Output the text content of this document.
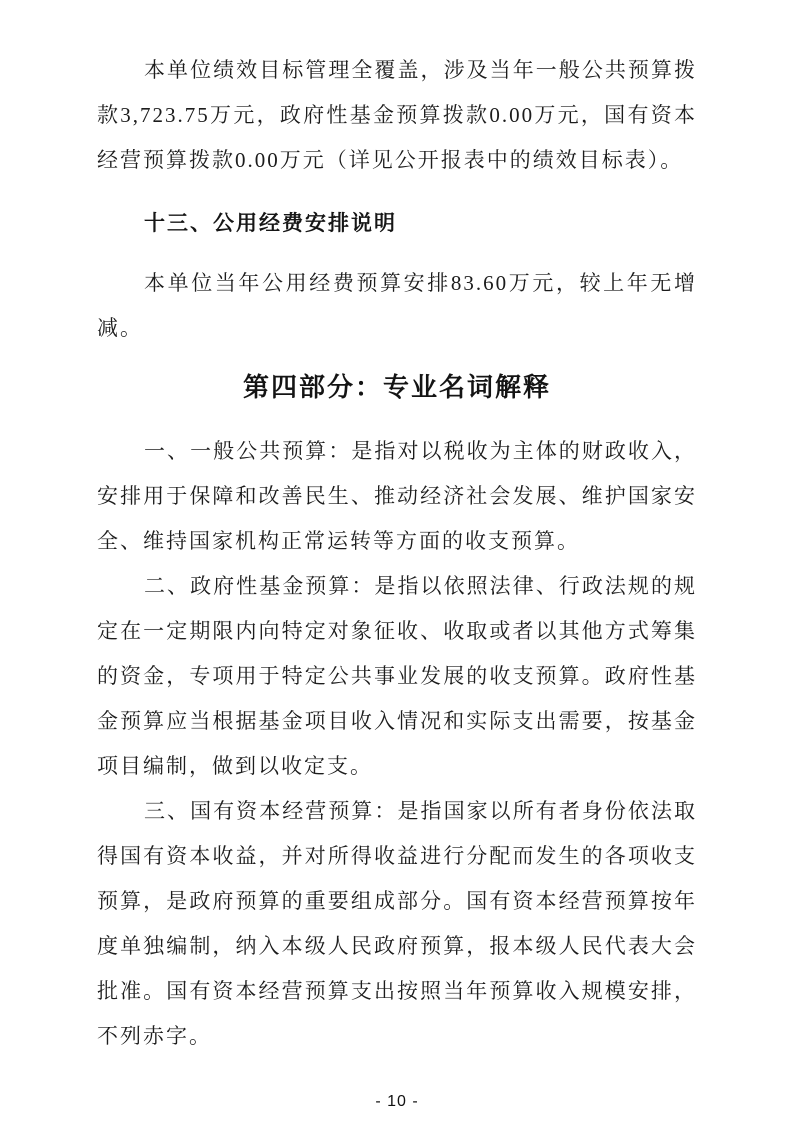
本单位绩效目标管理全覆盖，涉及当年一般公共预算拨款3,723.75万元，政府性基金预算拨款0.00万元，国有资本经营预算拨款0.00万元（详见公开报表中的绩效目标表）。

十三、公用经费安排说明

本单位当年公用经费预算安排83.60万元，较上年无增减。

第四部分：专业名词解释

一、一般公共预算：是指对以税收为主体的财政收入，安排用于保障和改善民生、推动经济社会发展、维护国家安全、维持国家机构正常运转等方面的收支预算。

二、政府性基金预算：是指以依照法律、行政法规的规定在一定期限内向特定对象征收、收取或者以其他方式筹集的资金，专项用于特定公共事业发展的收支预算。政府性基金预算应当根据基金项目收入情况和实际支出需要，按基金项目编制，做到以收定支。

三、国有资本经营预算：是指国家以所有者身份依法取得国有资本收益，并对所得收益进行分配而发生的各项收支预算，是政府预算的重要组成部分。国有资本经营预算按年度单独编制，纳入本级人民政府预算，报本级人民代表大会批准。国有资本经营预算支出按照当年预算收入规模安排，不列赤字。

- 10 -
